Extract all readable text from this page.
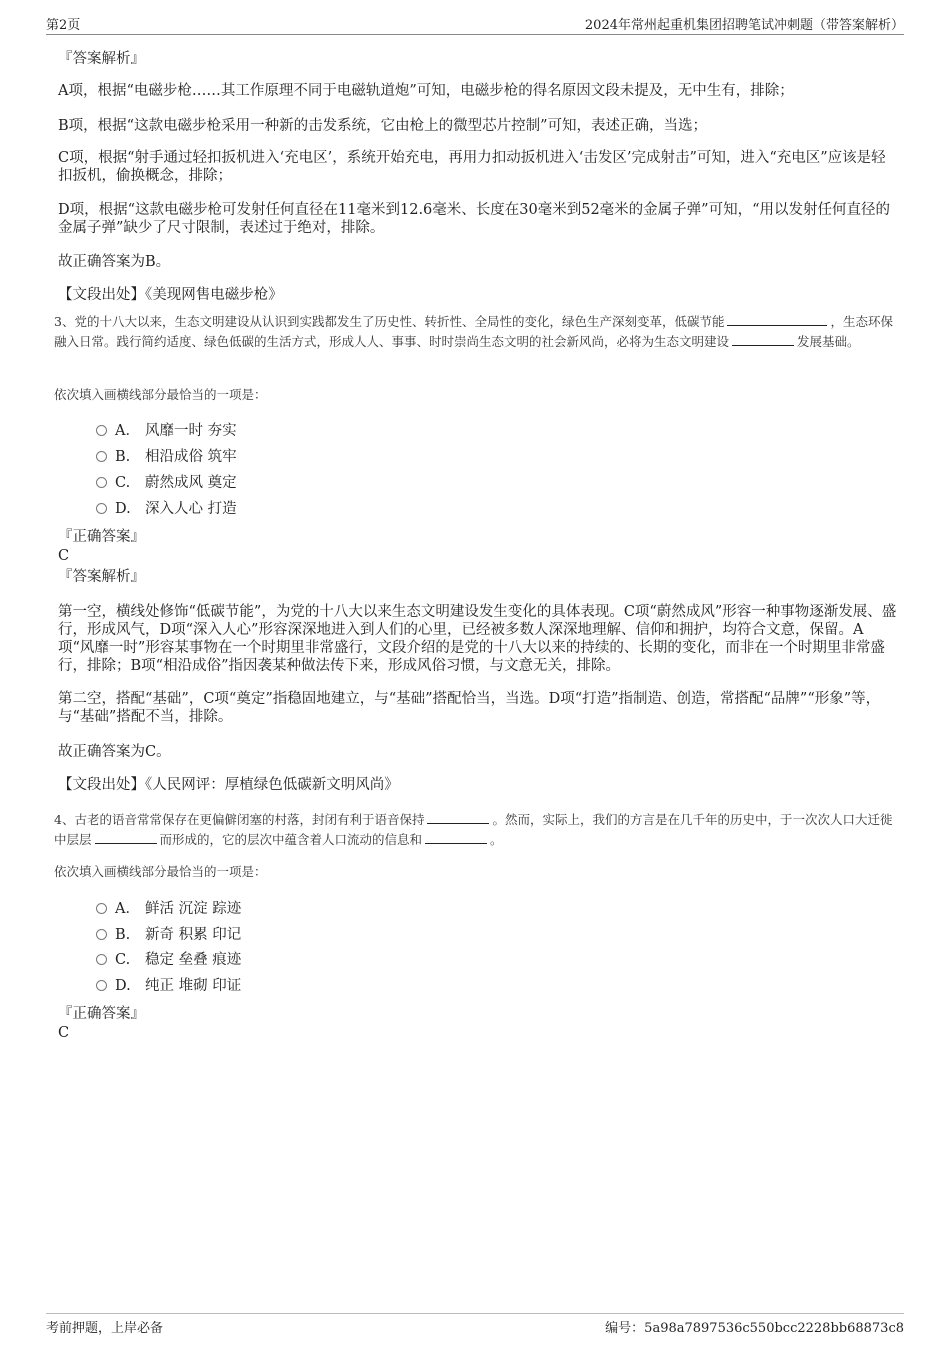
第2页	2024年常州起重机集团招聘笔试冲刺题（带答案解析）
『答案解析』

A项，根据“电磁步枪……其工作原理不同于电磁轨道炮”可知，电磁步枪的得名原因文段未提及，无中生有，排除；

B项，根据“这款电磁步枪采用一种新的击发系统，它由枪上的微型芯片控制”可知，表述正确，当选；

C项，根据“射手通过轻扣扳机进入‘充电区’，系统开始充电，再用力扣动扳机进入‘击发区’完成射击”可知，进入“充电区”应该是轻扣扳机，偷换概念，排除；

D项，根据“这款电磁步枪可发射任何直径在11毫米到12.6毫米、长度在30毫米到52毫米的金属子弹”可知，“用以发射任何直径的金属子弹”缺少了尺寸限制，表述过于绝对，排除。

故正确答案为B。

【文段出处】《美现网售电磁步枪》

3、党的十八大以来，生态文明建设从认识到实践都发生了历史性、转折性、全局性的变化，绿色生产深刻变革，低碳节能	，生态环保融入日常。践行简约适度、绿色低碳的生活方式，形成人人、事事、时时崇尚生态文明的社会新风尚，必将为生态文明建设	发展基础。

依次填入画横线部分最恰当的一项是：

A． 风靡一时 夯实
B. 相沿成俗 筑牢
C. 蔚然成风 奠定
D. 深入人心 打造
『正确答案』
C
『答案解析』

第一空，横线处修饰“低碳节能”，为党的十八大以来生态文明建设发生变化的具体表现。C项“蔚然成风”形容一种事物逐渐发展、盛行，形成风气，D项“深入人心”形容深深地进入到人们的心里，已经被多数人深深地理解、信仰和拥护，均符合文意，保留。A项“风靡一时”形容某事物在一个时期里非常盛行，文段介绍的是党的十八大以来的持续的、长期的变化，而非在一个时期里非常盛行，排除；B项“相沿成俗”指因袭某种做法传下来，形成风俗习惯，与文意无关，排除。

第二空，搭配“基础”，C项“奠定”指稳固地建立，与“基础”搭配恰当，当选。D项“打造”指制造、创造，常搭配“品牌”“形象”等，与“基础”搭配不当，排除。

故正确答案为C。

【文段出处】《人民网评：厚植绿色低碳新文明风尚》

4、古老的语音常常保存在更偏僻闭塞的村落，封闭有利于语音保持	。然而，实际上，我们的方言是在几千年的历史中，于一次次人口大迁徙中层层	而形成的，它的层次中蕴含着人口流动的信息和	。

依次填入画横线部分最恰当的一项是：

A． 鲜活 沉淀 踪迹
B. 新奇 积累 印记
C. 稳定 垒叠 痕迹
D. 纯正 堆砌 印证
『正确答案』
C
考前押题，上岸必备	编号：5a98a7897536c550bcc2228bb68873c8
